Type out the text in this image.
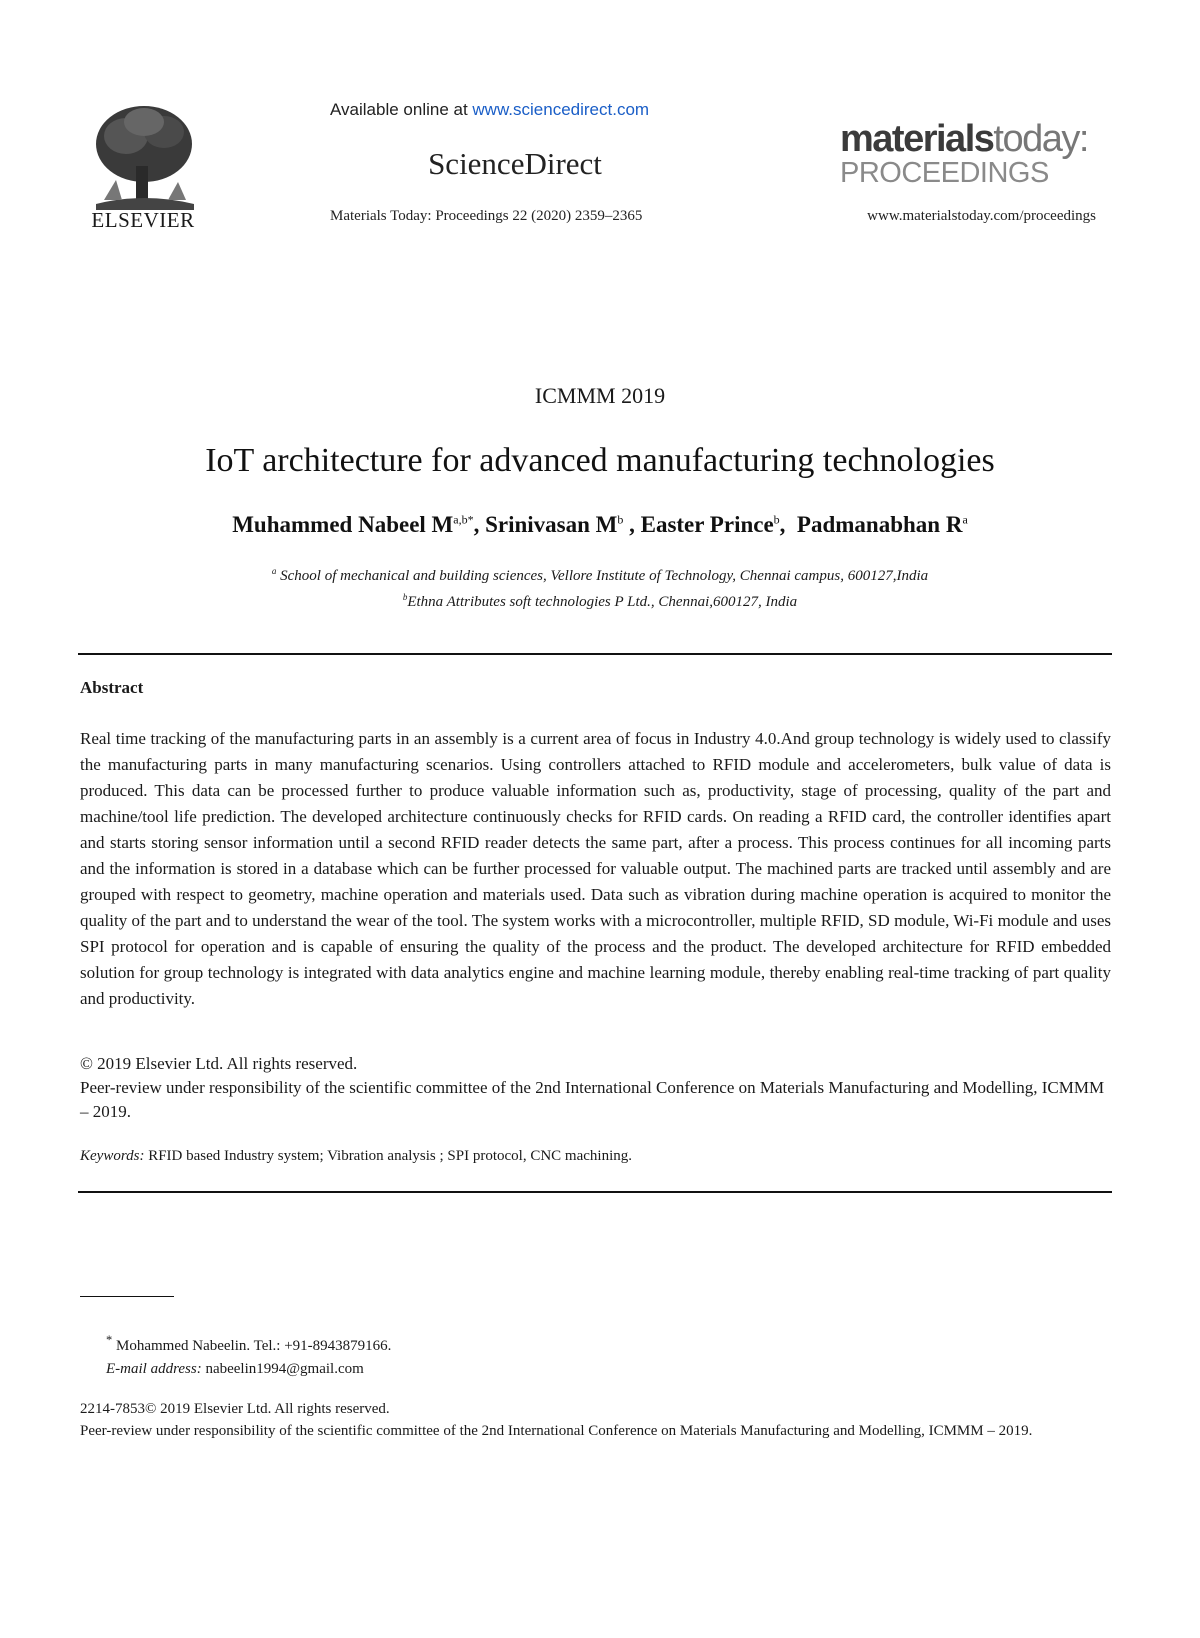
ELSEVIER
Available online at www.sciencedirect.com
ScienceDirect
Materials Today: Proceedings 22 (2020) 2359–2365
materialstoday:
PROCEEDINGS
www.materialstoday.com/proceedings
ICMMM 2019
IoT architecture for advanced manufacturing technologies
Muhammed Nabeel $M^{a,b*}$, Srinivasan $M^b$ , Easter Prince$^b$,  Padmanabhan $R^a$
$^a$ School of mechanical and building sciences, Vellore Institute of Technology, Chennai campus, 600127,India
$^b$Ethna Attributes soft technologies P Ltd., Chennai,600127, India
Abstract
Real time tracking of the manufacturing parts in an assembly is a current area of focus in Industry 4.0.And group technology is widely used to classify the manufacturing parts in many manufacturing scenarios. Using controllers attached to RFID module and accelerometers, bulk value of data is produced. This data can be processed further to produce valuable information such as, productivity, stage of processing, quality of the part and machine/tool life prediction. The developed architecture continuously checks for RFID cards. On reading a RFID card, the controller identifies apart and starts storing sensor information until a second RFID reader detects the same part, after a process. This process continues for all incoming parts and the information is stored in a database which can be further processed for valuable output. The machined parts are tracked until assembly and are grouped with respect to geometry, machine operation and materials used. Data such as vibration during machine operation is acquired to monitor the quality of the part and to understand the wear of the tool. The system works with a microcontroller, multiple RFID, SD module, Wi-Fi module and uses SPI protocol for operation and is capable of ensuring the quality of the process and the product. The developed architecture for RFID embedded solution for group technology is integrated with data analytics engine and machine learning module, thereby enabling real-time tracking of part quality and productivity.
© 2019 Elsevier Ltd. All rights reserved.
Peer-review under responsibility of the scientific committee of the 2nd International Conference on Materials Manufacturing and Modelling, ICMMM – 2019.
Keywords: RFID based Industry system; Vibration analysis ; SPI protocol, CNC machining.
* Mohammed Nabeelin. Tel.: +91-8943879166.
E-mail address: nabeelin1994@gmail.com
2214-7853© 2019 Elsevier Ltd. All rights reserved.
Peer-review under responsibility of the scientific committee of the 2nd International Conference on Materials Manufacturing and Modelling, ICMMM – 2019.
